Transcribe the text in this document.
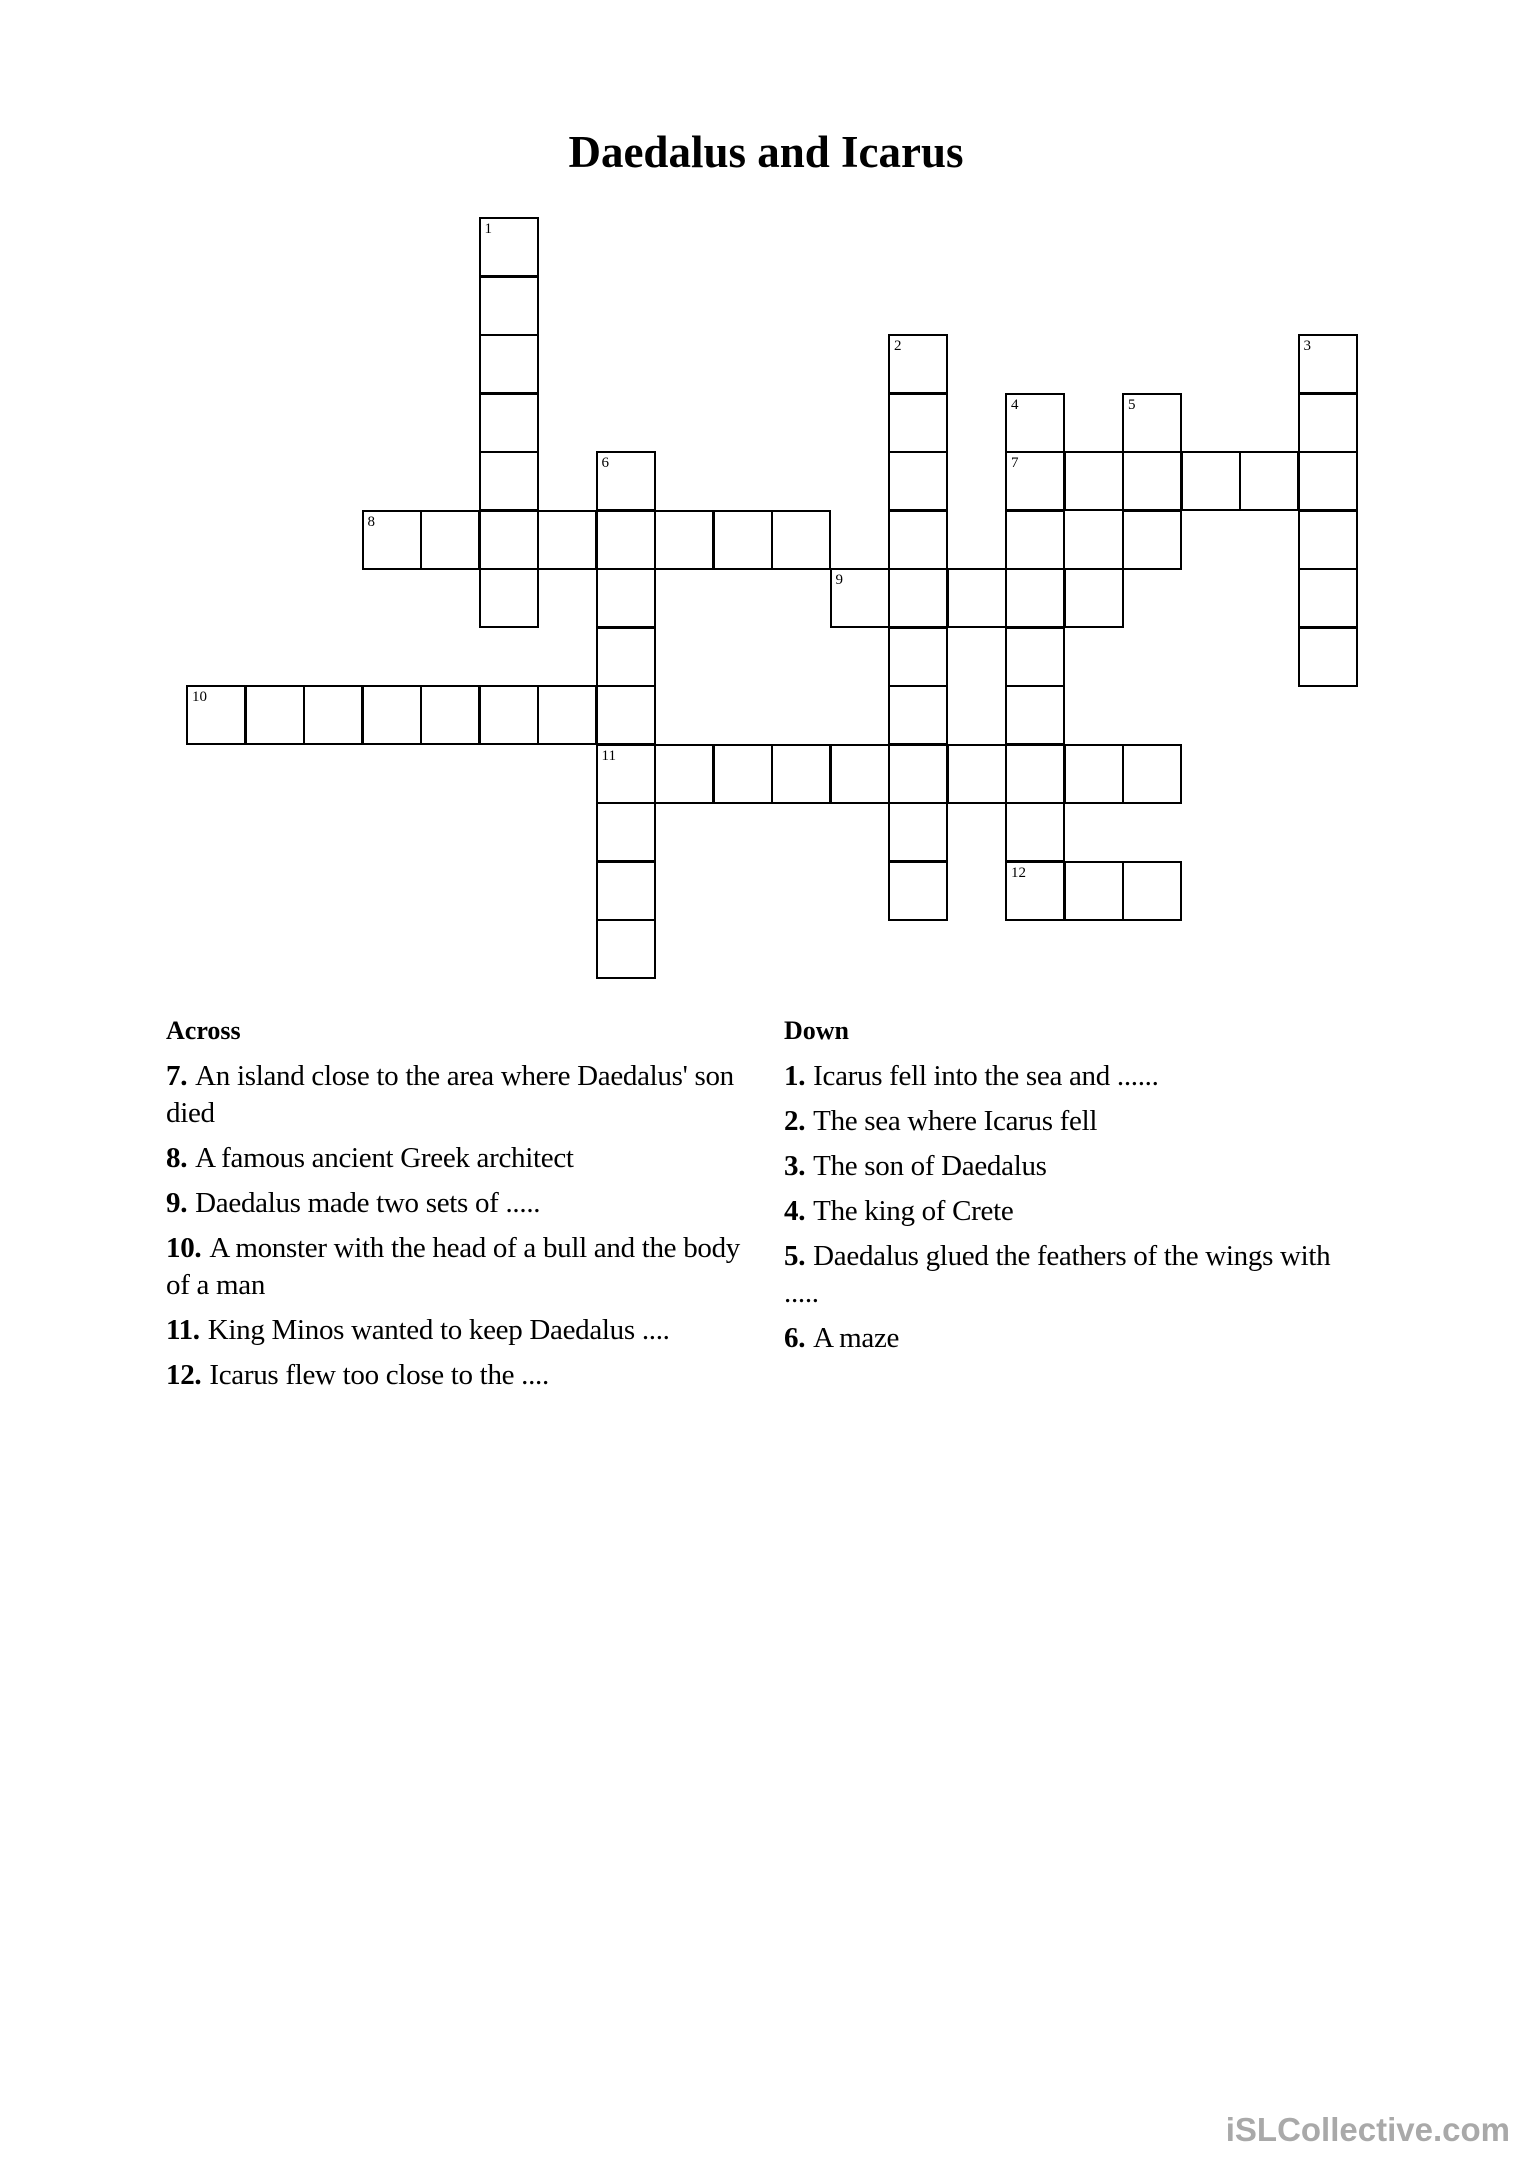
Daedalus and Icarus
1
2	3
4
7
5
6
11
8
9
10
12
Across
7. An island close to the area where Daedalus' son died
8. A famous ancient Greek architect
9. Daedalus made two sets of .....
10. A monster with the head of a bull and the body of a man
11. King Minos wanted to keep Daedalus ....
12. Icarus flew too close to the ....
Down
1. Icarus fell into the sea and ......
2. The sea where Icarus fell
3. The son of Daedalus
4. The king of Crete
5. Daedalus glued the feathers of the wings with .....
6. A maze
iSLCollective.com
